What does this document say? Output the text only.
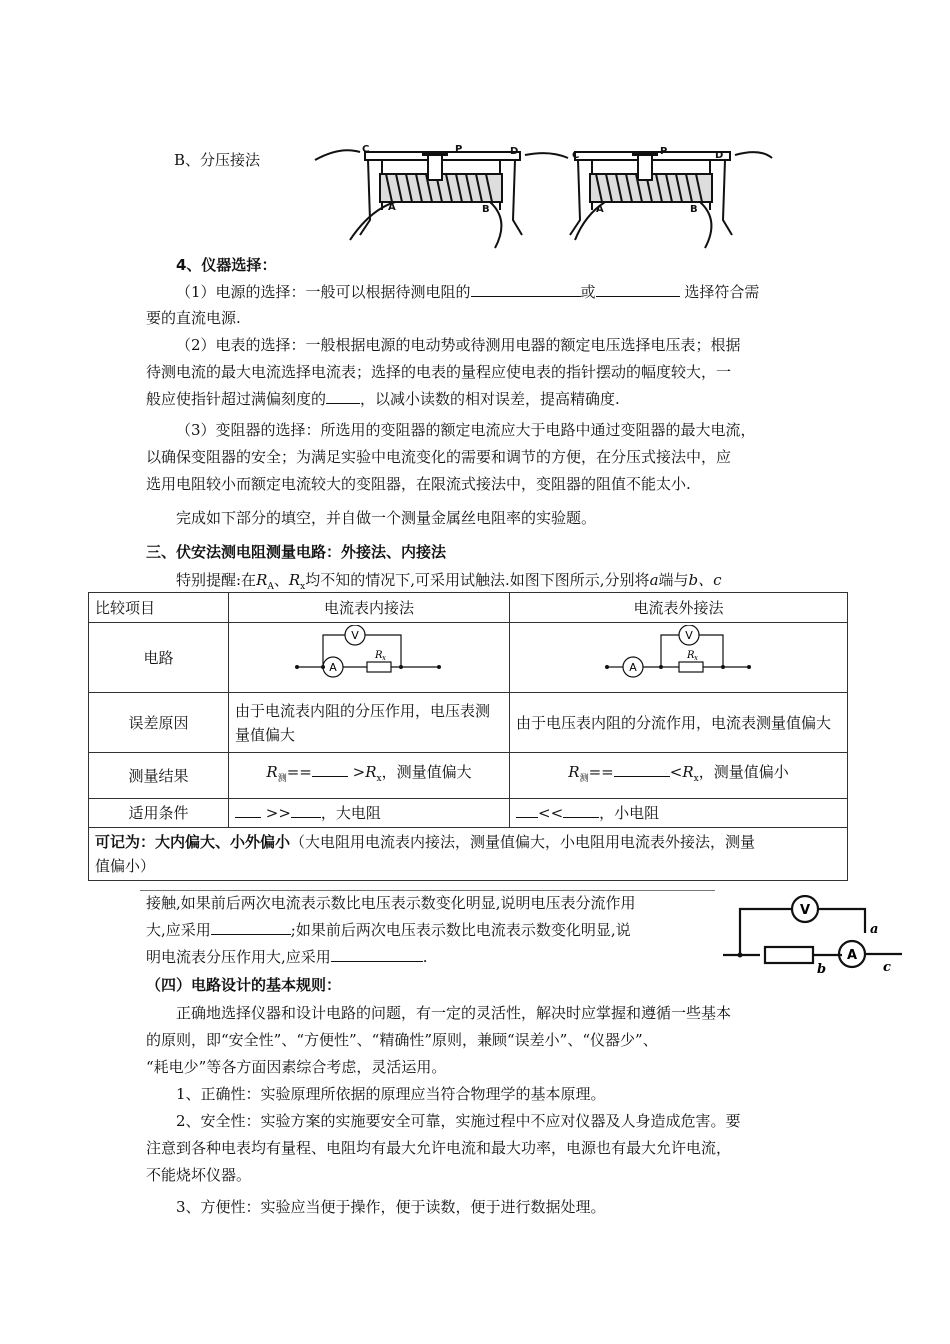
B、分压接法
C	P	D
A	B
C	P	D
A	B
4、仪器选择：
（1）电源的选择：一般可以根据待测电阻的	或	选择符合需
要的直流电源.
（2）电表的选择：一般根据电源的电动势或待测用电器的额定电压选择电压表；根据
待测电流的最大电流选择电流表；选择的电表的量程应使电表的指针摆动的幅度较大，一
般应使指针超过满偏刻度的 ，以减小读数的相对误差，提高精确度.
（3）变阻器的选择：所选用的变阻器的额定电流应大于电路中通过变阻器的最大电流，
以确保变阻器的安全；为满足实验中电流变化的需要和调节的方便，在分压式接法中，应
选用电阻较小而额定电流较大的变阻器，在限流式接法中，变阻器的阻值不能太小.
完成如下部分的填空，并自做一个测量金属丝电阻率的实验题。
三、伏安法测电阻测量电路：外接法、内接法
特别提醒:在$R_A$、$R_x$均不知的情况下,可采用试触法.如图下图所示,分别将a端与b、c
比较项目	电流表内接法	电流表外接法
电路	V
A
R x	V
A
R x

误差原因	由于电流表内阻的分压作用，电压表测量值偏大	由于电压表内阻的分流作用，电流表测量值偏大
测量结果	$R_测== >R_x$，测量值偏大	$R_测== <R_x$，测量值偏小
适用条件	>> ，大电阻	<< ，小电阻
可记为：大内偏大、小外偏小（大电阻用电流表内接法，测量值偏大，小电阻用电流表外接法，测量
值偏小）		
接触,如果前后两次电流表示数比电压表示数变化明显,说明电压表分流作用
大,应采用	;如果前后两次电压表示数比电流表示数变化明显,说
明电流表分压作用大,应采用	.
V
A
a
b	c
（四）电路设计的基本规则：
正确地选择仪器和设计电路的问题，有一定的灵活性，解决时应掌握和遵循一些基本
的原则，即“安全性”、“方便性”、“精确性”原则，兼顾“误差小”、“仪器少”、
“耗电少”等各方面因素综合考虑，灵活运用。
1、正确性：实验原理所依据的原理应当符合物理学的基本原理。
2、安全性：实验方案的实施要安全可靠，实施过程中不应对仪器及人身造成危害。要
注意到各种电表均有量程、电阻均有最大允许电流和最大功率，电源也有最大允许电流，
不能烧坏仪器。
3、方便性：实验应当便于操作，便于读数，便于进行数据处理。
